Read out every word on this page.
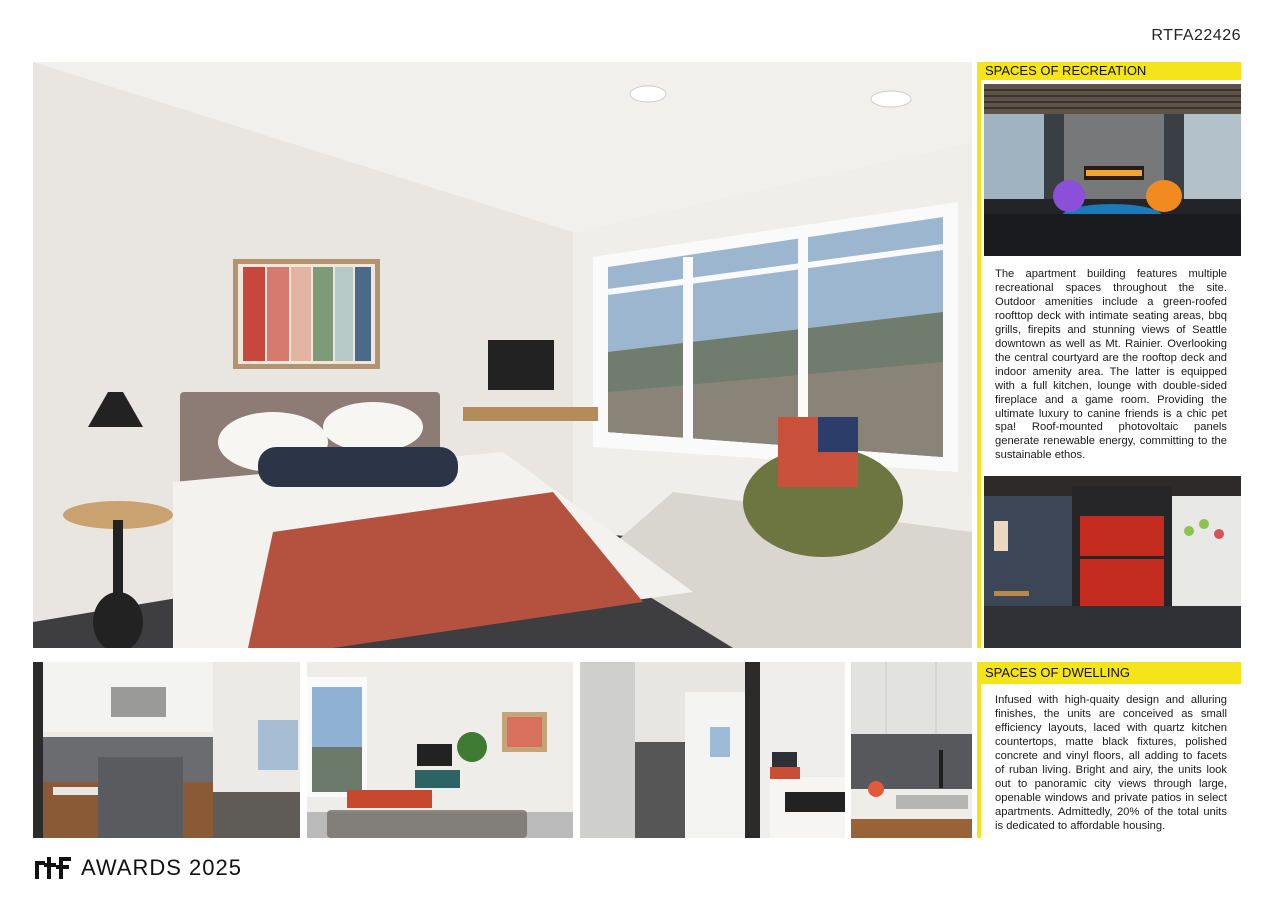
RTFA22426
SPACES OF RECREATION

The apartment building features multiple recreational spaces throughout the site. Outdoor amenities include a green-roofed roofttop deck with intimate seating areas, bbq grills, firepits and stunning views of Seattle downtown as well as Mt. Rainier. Overlooking the central courtyard are the rooftop deck and indoor amenity area. The latter is equipped with a full kitchen, lounge with double-sided fireplace and a game room. Providing the ultimate luxury to canine friends is a chic pet spa! Roof-mounted photovoltaic panels generate renewable energy, committing to the sustainable ethos.

SPACES OF DWELLING

Infused with high-quaity design and alluring finishes, the units are conceived as small efficiency layouts, laced with quartz kitchen countertops, matte black fixtures, polished concrete and vinyl floors, all adding to facets of ruban living. Bright and airy, the units look out to panoramic city views through large, openable windows and private patios in select apartments. Admittedly, 20% of the total units is dedicated to affordable housing.

AWARDS 2025
